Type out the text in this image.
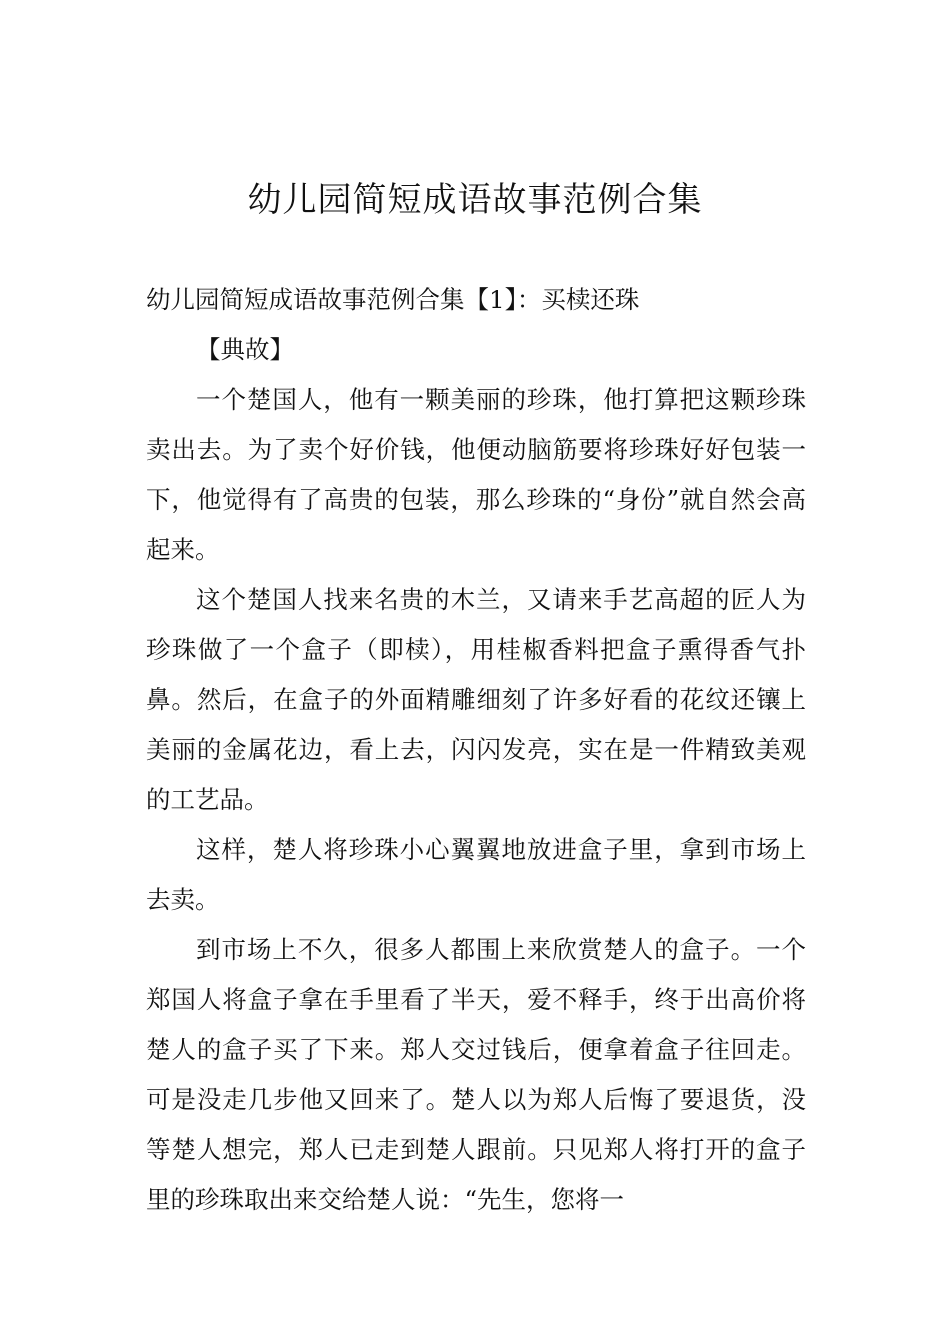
幼儿园简短成语故事范例合集

幼儿园简短成语故事范例合集【1】：买椟还珠

【典故】

一个楚国人，他有一颗美丽的珍珠，他打算把这颗珍珠卖出去。为了卖个好价钱，他便动脑筋要将珍珠好好包装一下，他觉得有了高贵的包装，那么珍珠的“身份”就自然会高起来。

这个楚国人找来名贵的木兰，又请来手艺高超的匠人为珍珠做了一个盒子（即椟），用桂椒香料把盒子熏得香气扑鼻。然后，在盒子的外面精雕细刻了许多好看的花纹还镶上美丽的金属花边，看上去，闪闪发亮，实在是一件精致美观的工艺品。

这样，楚人将珍珠小心翼翼地放进盒子里，拿到市场上去卖。

到市场上不久，很多人都围上来欣赏楚人的盒子。一个郑国人将盒子拿在手里看了半天，爱不释手，终于出高价将楚人的盒子买了下来。郑人交过钱后，便拿着盒子往回走。可是没走几步他又回来了。楚人以为郑人后悔了要退货，没等楚人想完，郑人已走到楚人跟前。只见郑人将打开的盒子里的珍珠取出来交给楚人说：“先生，您将一
